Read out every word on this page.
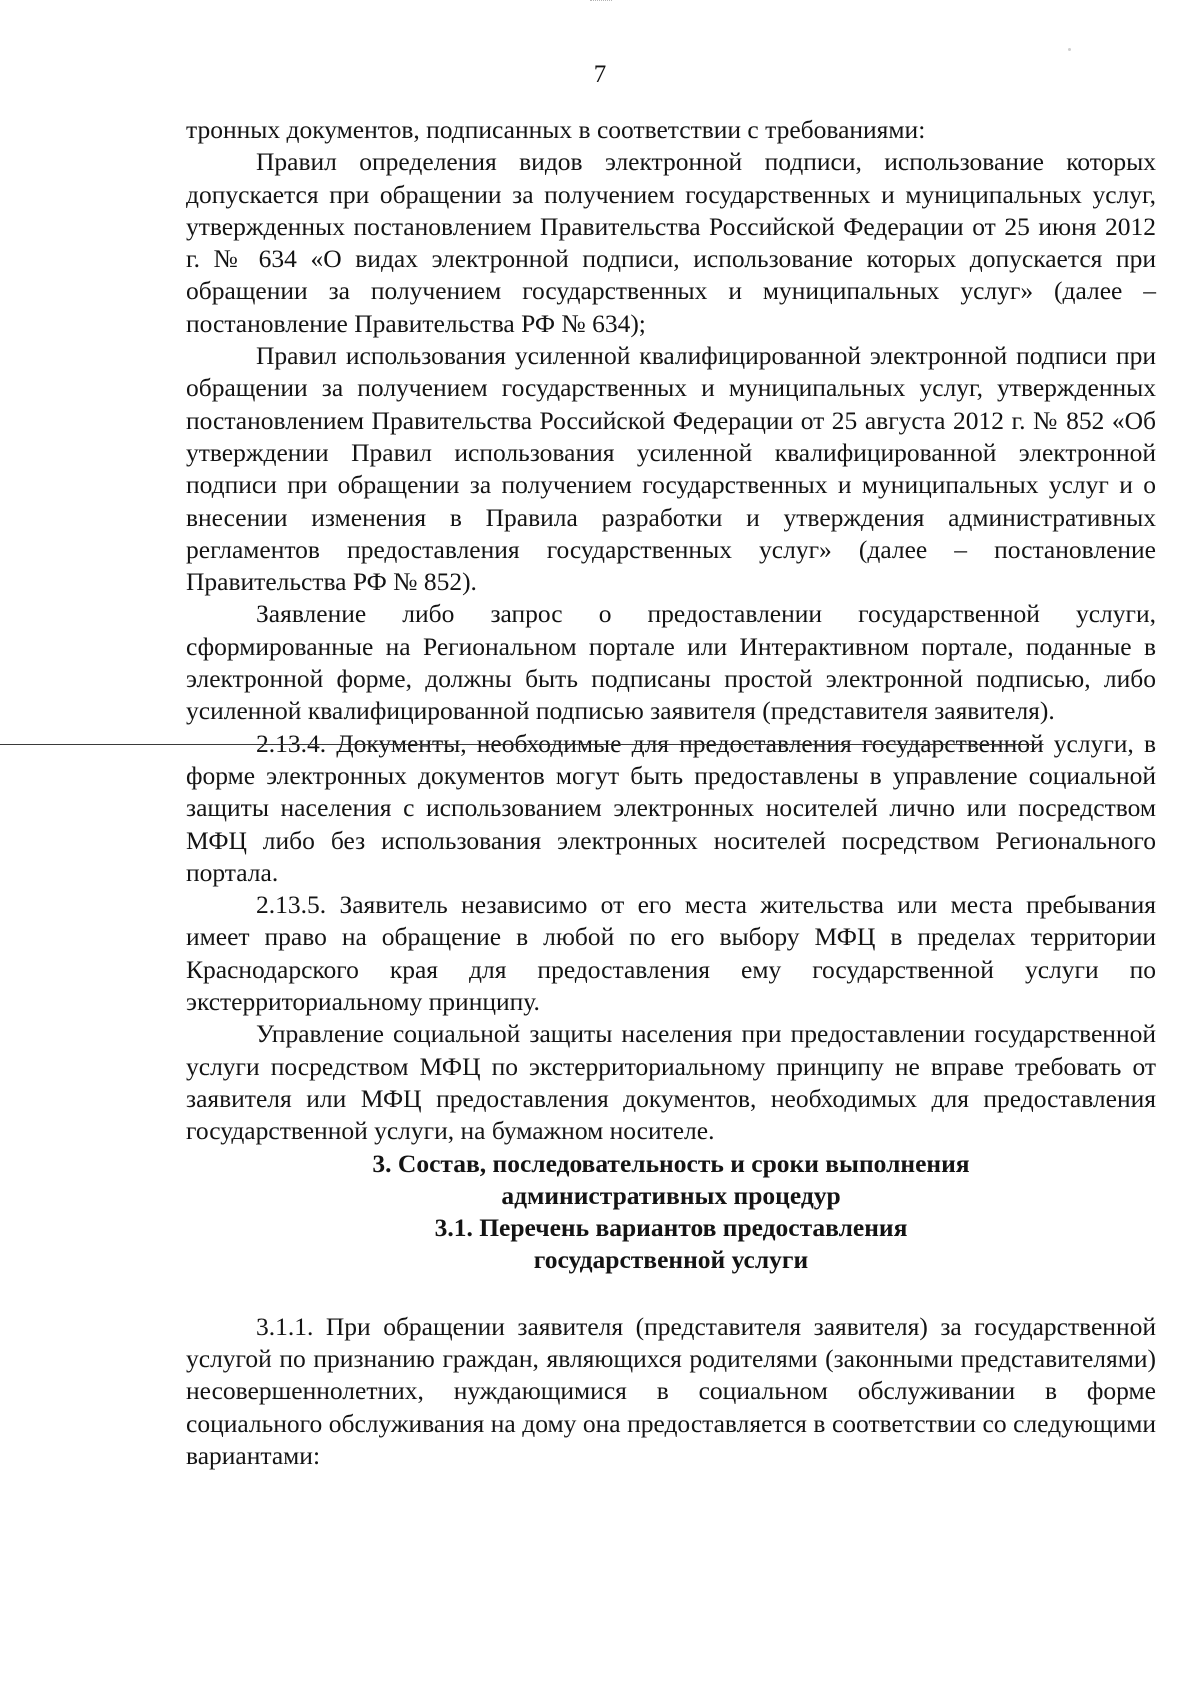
7

тронных документов, подписанных в соответствии с требованиями:

Правил определения видов электронной подписи, использование которых допускается при обращении за получением государственных и муниципальных услуг, утвержденных постановлением Правительства Российской Федерации от 25 июня 2012 г. № 634 «О видах электронной подписи, использование которых допускается при обращении за получением государственных и муниципальных услуг» (далее – постановление Правительства РФ № 634);

Правил использования усиленной квалифицированной электронной подписи при обращении за получением государственных и муниципальных услуг, утвержденных постановлением Правительства Российской Федерации от 25 августа 2012 г. № 852 «Об утверждении Правил использования усиленной квалифицированной электронной подписи при обращении за получением государственных и муниципальных услуг и о внесении изменения в Правила разработки и утверждения административных регламентов предоставления государственных услуг» (далее – постановление Правительства РФ № 852).

Заявление либо запрос о предоставлении государственной услуги, сформированные на Региональном портале или Интерактивном портале, поданные в электронной форме, должны быть подписаны простой электронной подписью, либо усиленной квалифицированной подписью заявителя (представителя заявителя).

2.13.4. Документы, необходимые для предоставления государственной услуги, в форме электронных документов могут быть предоставлены в управление социальной защиты населения с использованием электронных носителей лично или посредством МФЦ либо без использования электронных носителей посредством Регионального портала.

2.13.5. Заявитель независимо от его места жительства или места пребывания имеет право на обращение в любой по его выбору МФЦ в пределах территории Краснодарского края для предоставления ему государственной услуги по экстерриториальному принципу.

Управление социальной защиты населения при предоставлении государственной услуги посредством МФЦ по экстерриториальному принципу не вправе требовать от заявителя или МФЦ предоставления документов, необходимых для предоставления государственной услуги, на бумажном носителе.

3. Состав, последовательность и сроки выполнения
административных процедур

3.1. Перечень вариантов предоставления
государственной услуги

3.1.1. При обращении заявителя (представителя заявителя) за государственной услугой по признанию граждан, являющихся родителями (законными представителями) несовершеннолетних, нуждающимися в социальном обслуживании в форме социального обслуживания на дому она предоставляется в соответствии со следующими вариантами:
